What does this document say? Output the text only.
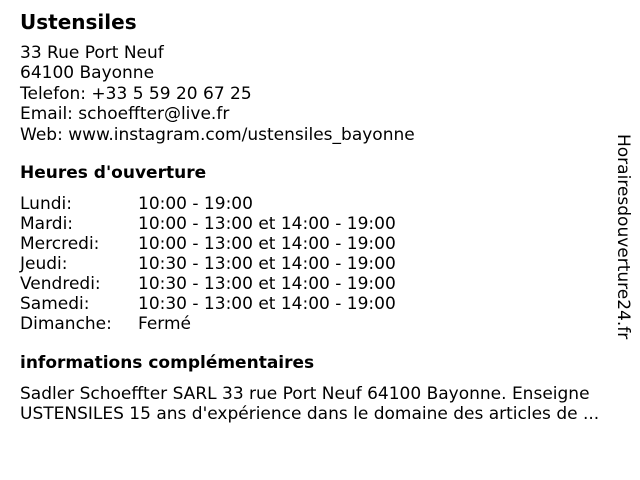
Ustensiles
33 Rue Port Neuf
64100 Bayonne
Telefon: +33 5 59 20 67 25
Email: schoeffter@live.fr
Web: www.instagram.com/ustensiles_bayonne
Heures d'ouverture
Lundi:	10:00 - 19:00
Mardi:	10:00 - 13:00 et 14:00 - 19:00
Mercredi:	10:00 - 13:00 et 14:00 - 19:00
Jeudi:	10:30 - 13:00 et 14:00 - 19:00
Vendredi:	10:30 - 13:00 et 14:00 - 19:00
Samedi:	10:30 - 13:00 et 14:00 - 19:00
Dimanche:	Fermé
informations complémentaires
Sadler Schoeffter SARL 33 rue Port Neuf 64100 Bayonne. Enseigne USTENSILES 15 ans d'expérience dans le domaine des articles de ...
Horairesdouverture24.fr
